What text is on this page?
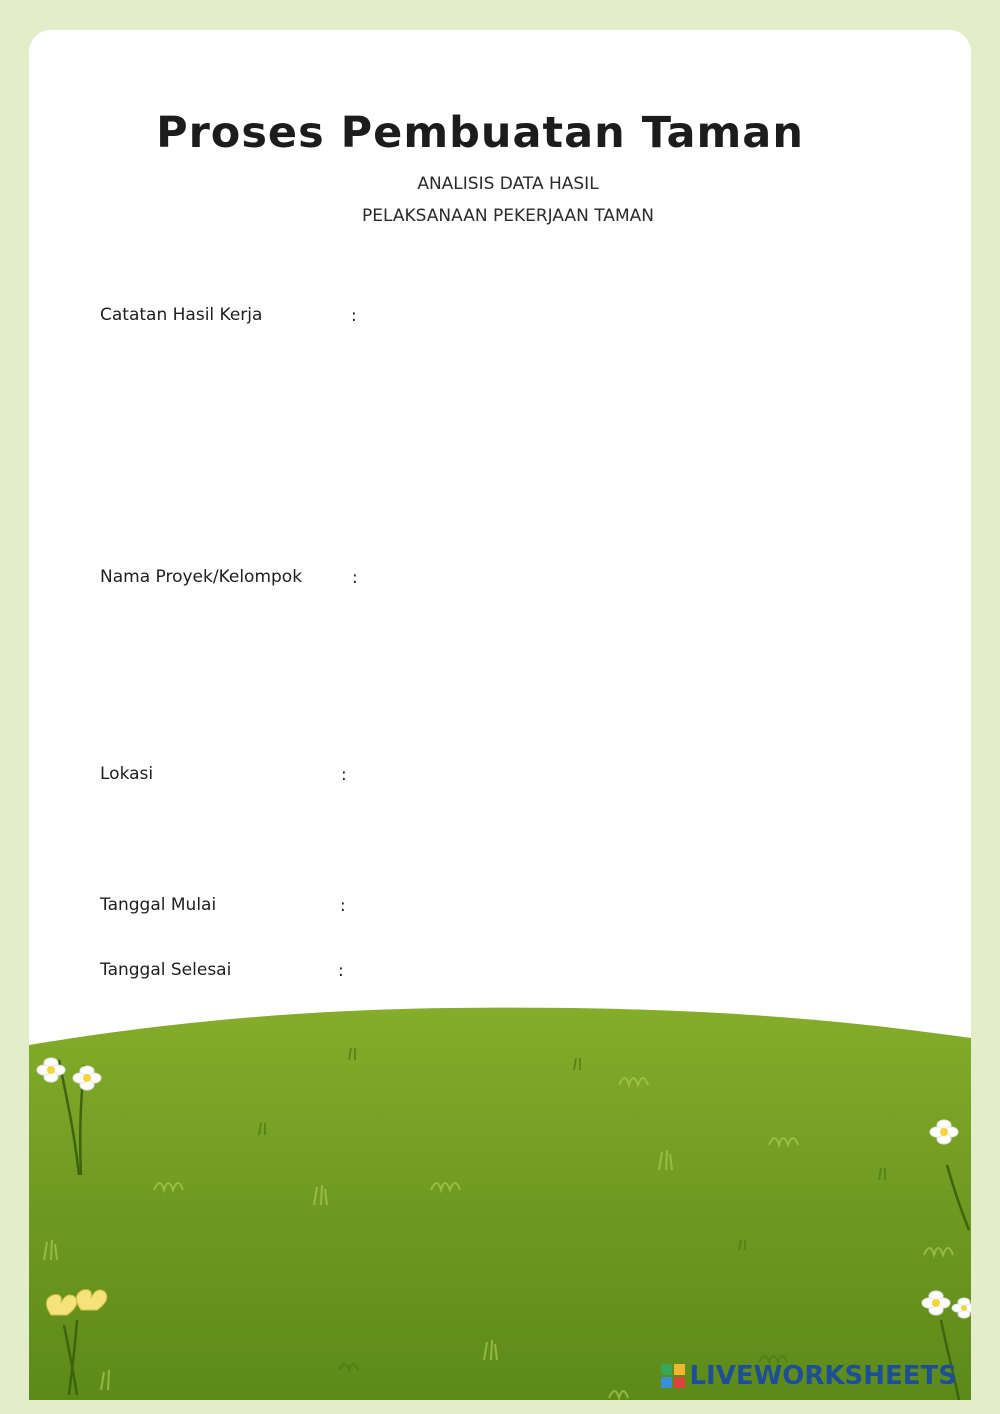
Proses Pembuatan Taman
ANALISIS DATA HASIL
PELAKSANAAN PEKERJAAN TAMAN
Catatan Hasil Kerja	:
Nama Proyek/Kelompok	:
Lokasi	:
Tanggal Mulai	:
Tanggal Selesai	:
LIVEWORKSHEETS
